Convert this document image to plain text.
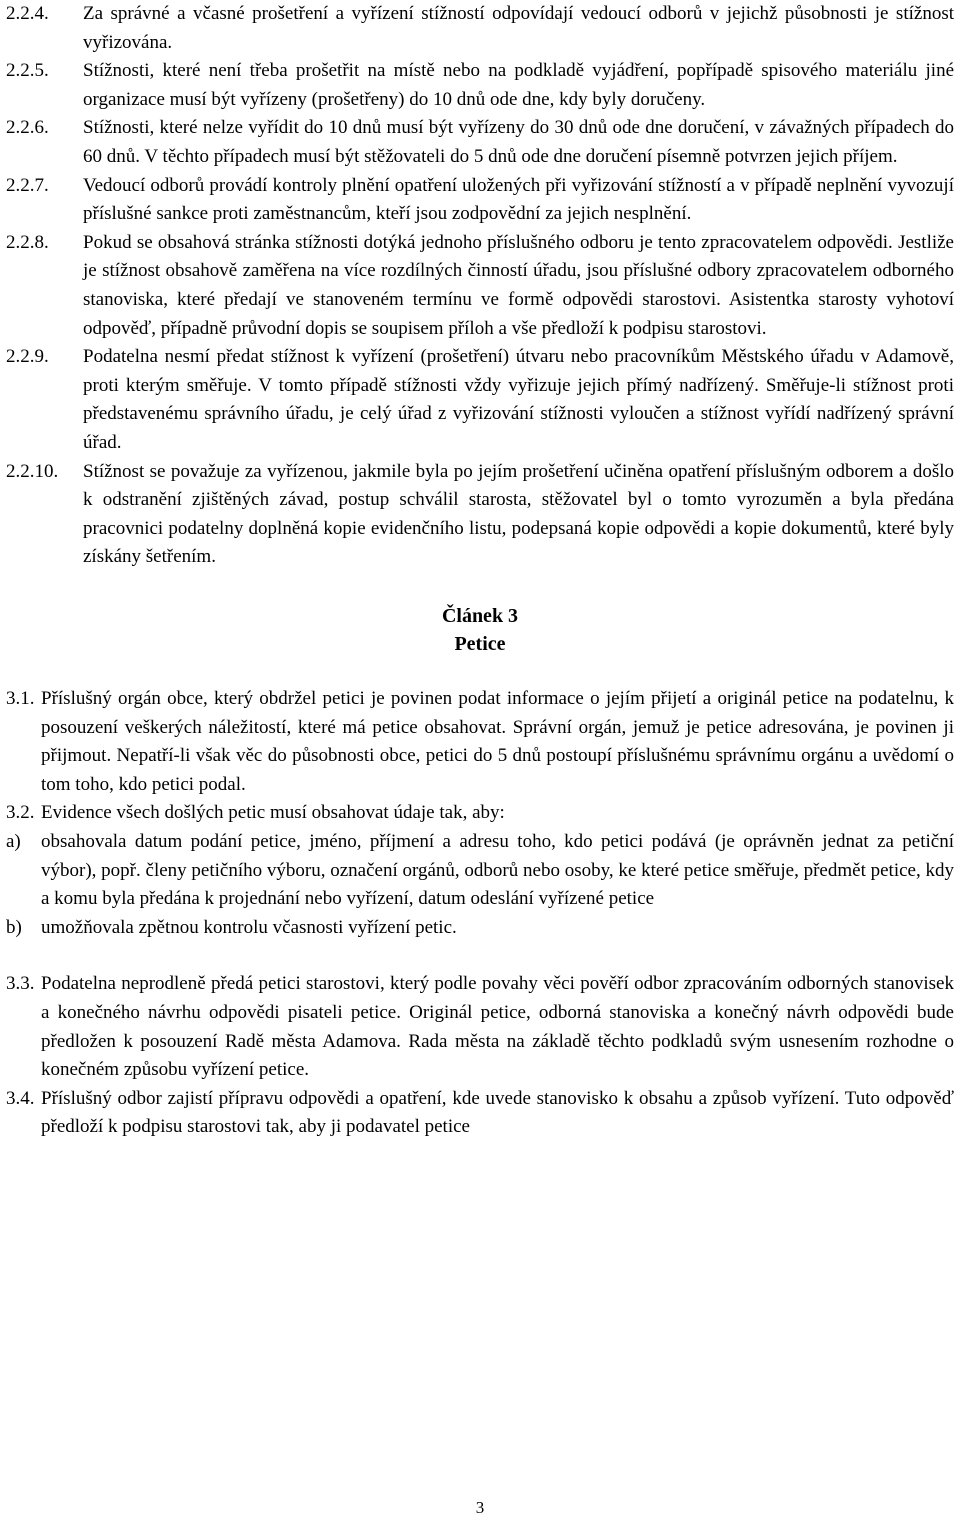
2.2.4.	Za správné a včasné prošetření a vyřízení stížností odpovídají vedoucí odborů v jejichž působnosti je stížnost vyřizována.
2.2.5.	Stížnosti, které není třeba prošetřit na místě nebo na podkladě vyjádření, popřípadě spisového materiálu jiné organizace musí být vyřízeny (prošetřeny) do 10 dnů ode dne, kdy byly doručeny.
2.2.6.	Stížnosti, které nelze vyřídit do 10 dnů musí být vyřízeny do 30 dnů ode dne doručení, v závažných případech do 60 dnů. V těchto případech musí být stěžovateli do 5 dnů ode dne doručení písemně potvrzen jejich příjem.
2.2.7.	Vedoucí odborů provádí kontroly plnění opatření uložených při vyřizování stížností a v případě neplnění vyvozují příslušné sankce proti zaměstnancům, kteří jsou zodpovědní za jejich nesplnění.
2.2.8.	Pokud se obsahová stránka stížnosti dotýká jednoho příslušného odboru je tento zpracovatelem odpovědi. Jestliže je stížnost obsahově zaměřena na více rozdílných činností úřadu, jsou příslušné odbory zpracovatelem odborného stanoviska, které předají ve stanoveném termínu ve formě odpovědi starostovi. Asistentka starosty vyhotoví odpověď, případně průvodní dopis se soupisem příloh a vše předloží k podpisu starostovi.
2.2.9.	Podatelna nesmí předat stížnost k vyřízení (prošetření) útvaru nebo pracovníkům Městského úřadu v Adamově, proti kterým směřuje. V tomto případě stížnosti vždy vyřizuje jejich přímý nadřízený. Směřuje-li stížnost proti představenému správního úřadu, je celý úřad z vyřizování stížnosti vyloučen a stížnost vyřídí nadřízený správní úřad.
2.2.10.	Stížnost se považuje za vyřízenou, jakmile byla po jejím prošetření učiněna opatření příslušným odborem a došlo k odstranění zjištěných závad, postup schválil starosta, stěžovatel byl o tomto vyrozuměn a byla předána pracovnici podatelny doplněná kopie evidenčního listu, podepsaná kopie odpovědi a kopie dokumentů, které byly získány šetřením.
Článek 3
Petice
3.1. Příslušný orgán obce, který obdržel petici je povinen podat informace o jejím přijetí a originál petice na podatelnu, k posouzení veškerých náležitostí, které má petice obsahovat. Správní orgán, jemuž je petice adresována, je povinen ji přijmout. Nepatří-li však věc do působnosti obce, petici do 5 dnů postoupí příslušnému správnímu orgánu a uvědomí o tom toho, kdo petici podal.
3.2. Evidence všech došlých petic musí obsahovat údaje tak, aby:
a)	obsahovala datum podání petice, jméno, příjmení a adresu toho, kdo petici podává (je oprávněn jednat za petiční výbor), popř. členy petičního výboru, označení orgánů, odborů nebo osoby, ke které petice směřuje, předmět petice, kdy a komu byla předána k projednání nebo vyřízení, datum odeslání vyřízené petice
b)	umožňovala zpětnou kontrolu včasnosti vyřízení petic.
3.3. Podatelna neprodleně předá petici starostovi, který podle povahy věci pověří odbor zpracováním odborných stanovisek a konečného návrhu odpovědi pisateli petice. Originál petice, odborná stanoviska a konečný návrh odpovědi bude předložen k posouzení Radě města Adamova. Rada města na základě těchto podkladů svým usnesením rozhodne o konečném způsobu vyřízení petice.
3.4. Příslušný odbor zajistí přípravu odpovědi a opatření, kde uvede stanovisko k obsahu a způsob vyřízení. Tuto odpověď předloží k podpisu starostovi tak, aby ji podavatel petice
3
